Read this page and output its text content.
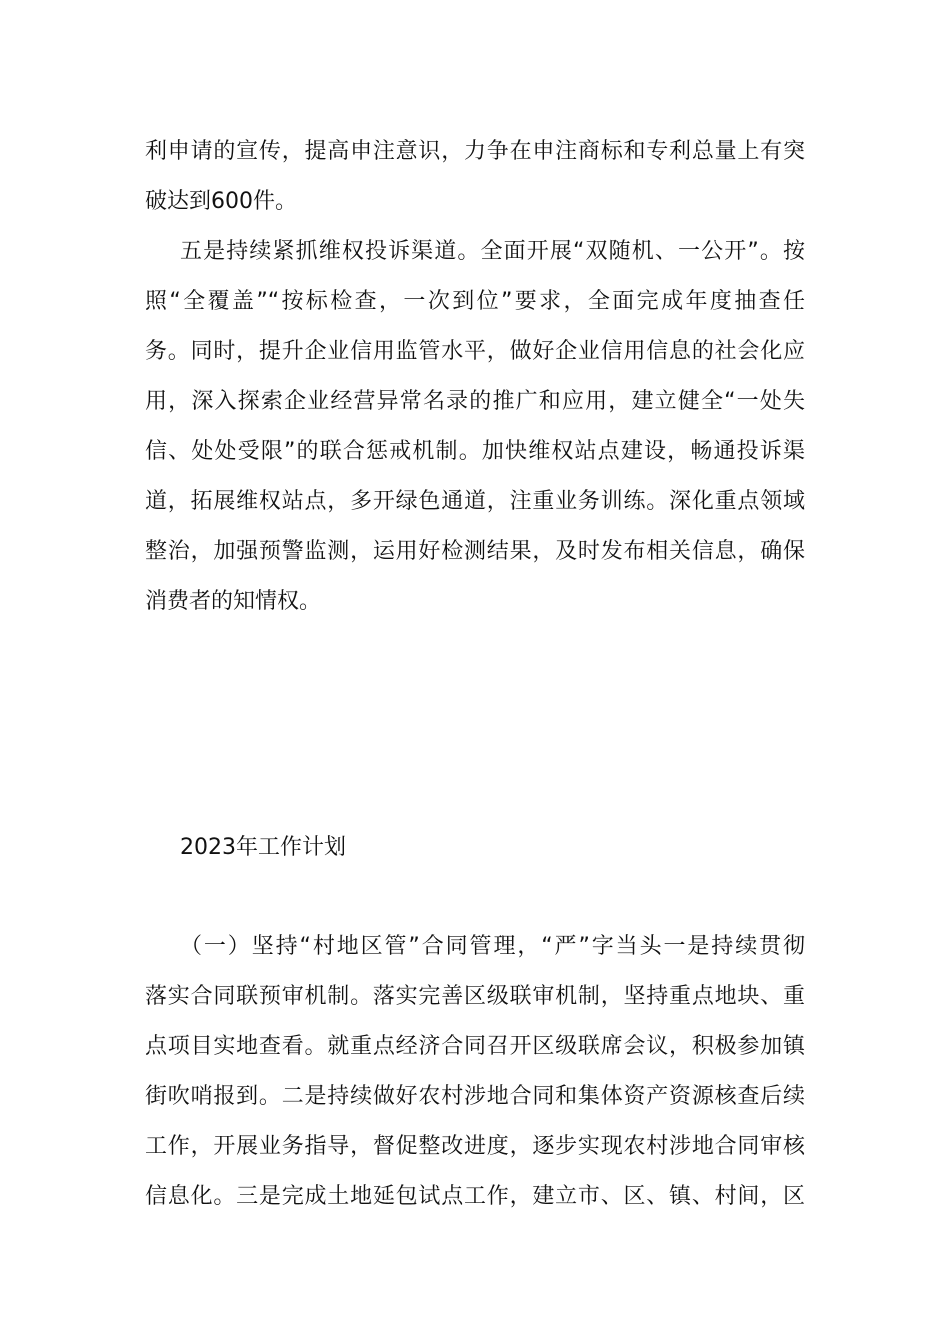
利申请的宣传，提高申注意识，力争在申注商标和专利总量上有突
破达到600件。
五是持续紧抓维权投诉渠道。全面开展“双随机、一公开”。按
照“全覆盖”“按标检查，一次到位”要求，全面完成年度抽查任
务。同时，提升企业信用监管水平，做好企业信用信息的社会化应
用，深入探索企业经营异常名录的推广和应用，建立健全“一处失
信、处处受限”的联合惩戒机制。加快维权站点建设，畅通投诉渠
道，拓展维权站点，多开绿色通道，注重业务训练。深化重点领域
整治，加强预警监测，运用好检测结果，及时发布相关信息，确保
消费者的知情权。
2023年工作计划
（一）坚持“村地区管”合同管理，“严”字当头一是持续贯彻
落实合同联预审机制。落实完善区级联审机制，坚持重点地块、重
点项目实地查看。就重点经济合同召开区级联席会议，积极参加镇
街吹哨报到。二是持续做好农村涉地合同和集体资产资源核查后续
工作，开展业务指导，督促整改进度，逐步实现农村涉地合同审核
信息化。三是完成土地延包试点工作，建立市、区、镇、村间，区
